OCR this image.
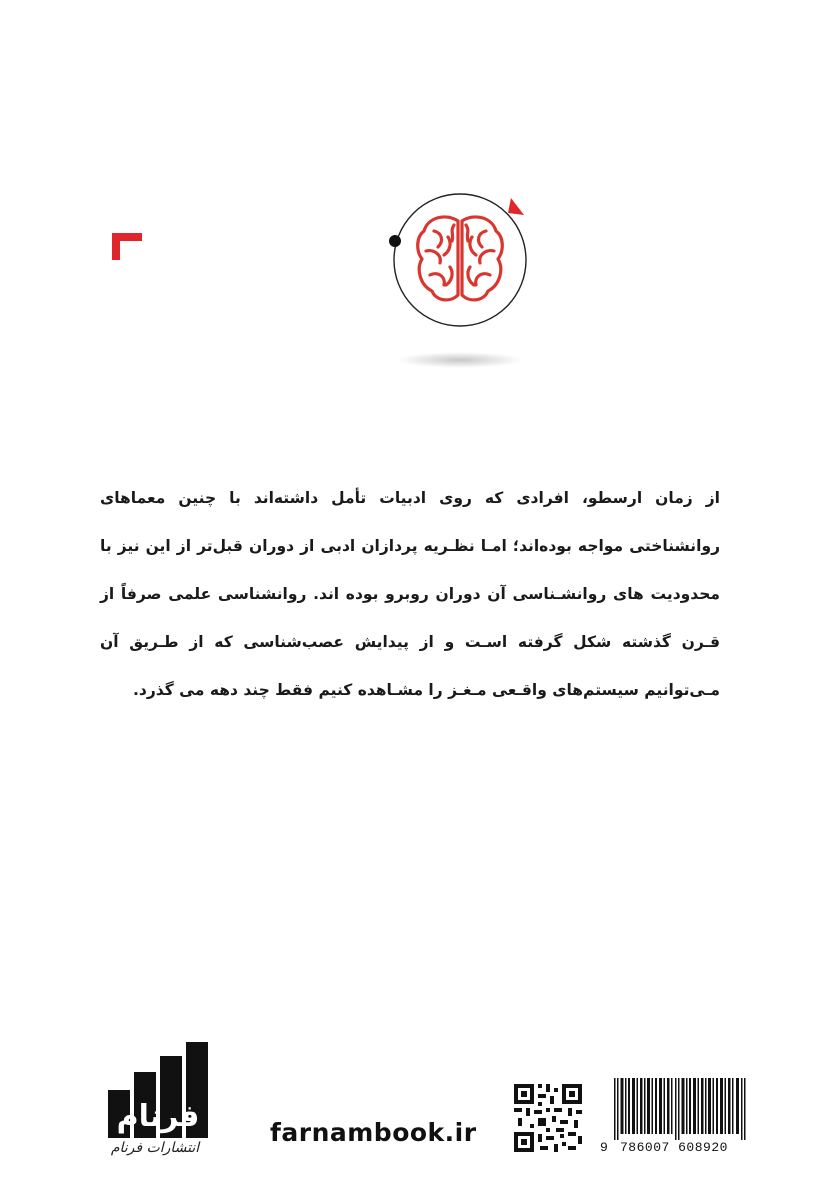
از زمان ارسطو، افرادی که روی ادبیات تأمل داشته‌اند با چنین معماهای روانشناختی مواجه بوده‌اند؛ امـا نظـریه پردازان ادبی از دوران قبل‌تر از این نیز با محدودیت های روانشـناسی آن دوران روبرو بوده اند. روانشناسی علمی صرفاً از قـرن گذشته شکل گرفته اسـت و از پیدایش عصب‌شناسی که از طـریق آن مـی‌توانیم سیستم‌های واقـعی مـغـز را مشـاهده کنیم فقط چند دهه می گذرد.

فرنام
انتشارات فرنام
farnambook.ir
9 786007 608920
